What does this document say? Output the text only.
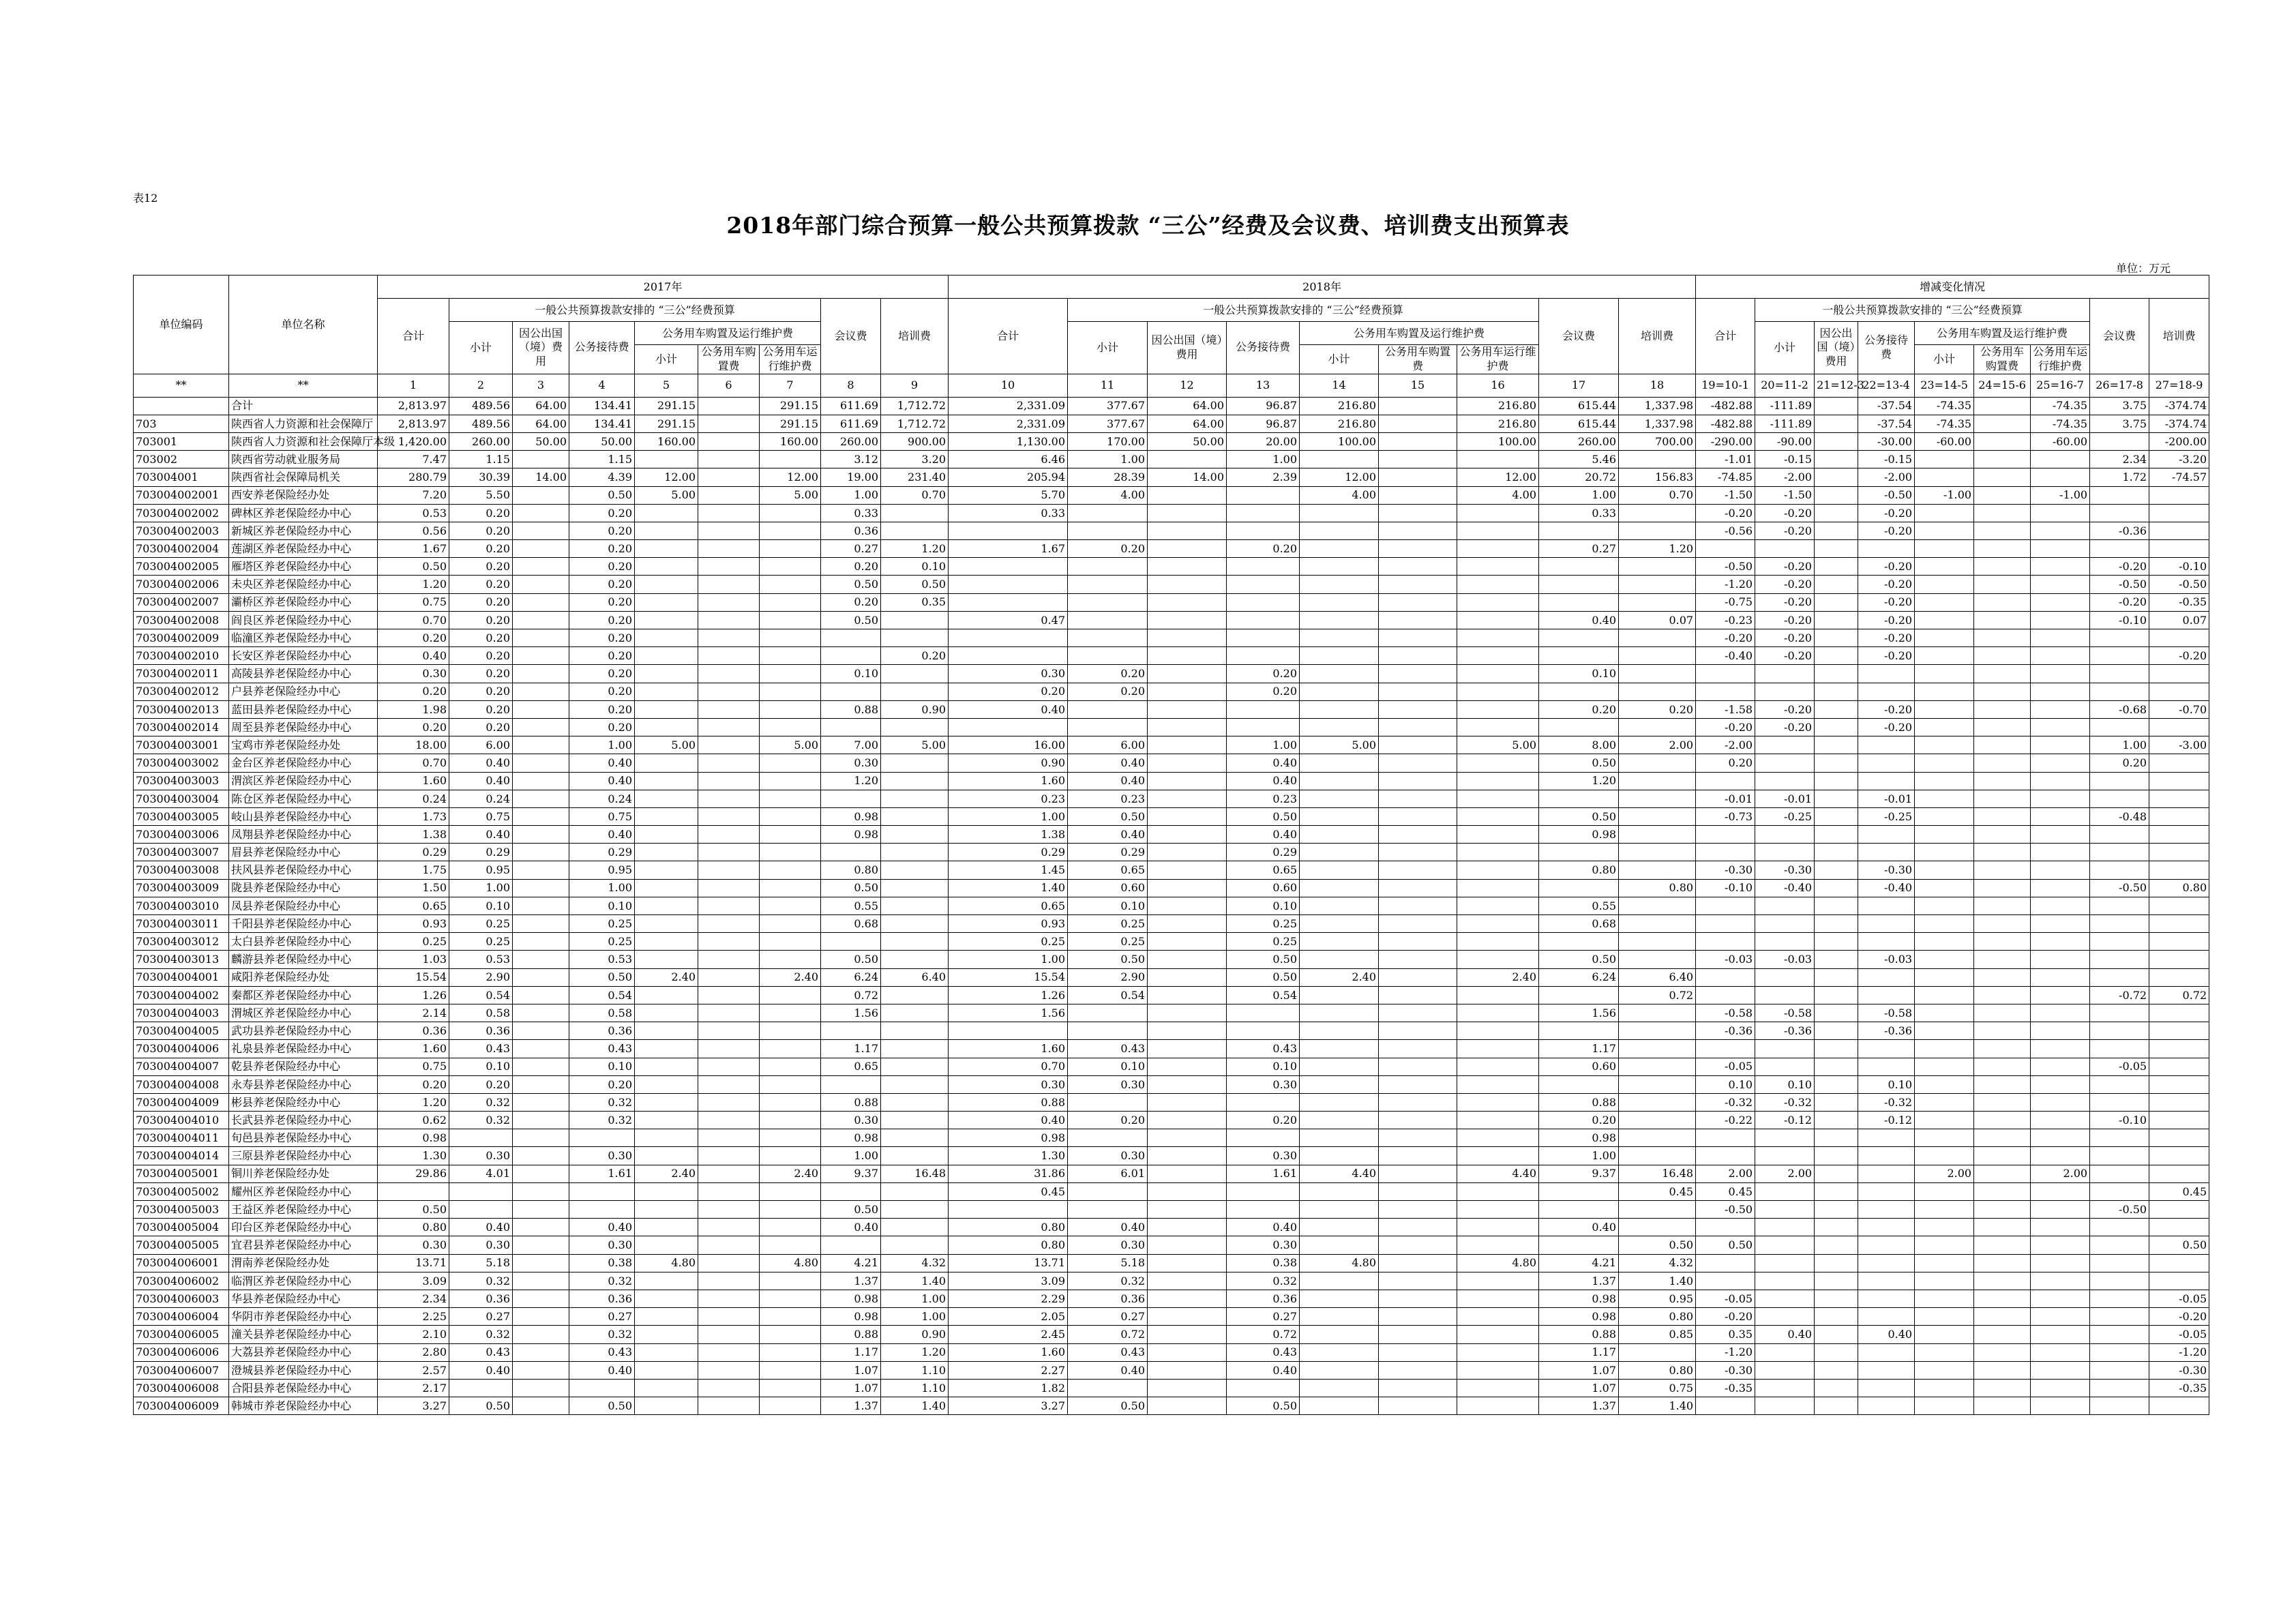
表12
2018年部门综合预算一般公共预算拨款 “三公”经费及会议费、培训费支出预算表
单位：万元
单位编码	单位名称	2017年									2018年									增减变化情况								
		合计	一般公共预算拨款安排的 “三公”经费预算						会议费	培训费	合计	一般公共预算拨款安排的 “三公”经费预算						会议费	培训费	合计	一般公共预算拨款安排的 “三公”经费预算						会议费	培训费
			小计	因公出国（境）费用	公务接待费	公务用车购置及运行维护费						小计	因公出国（境）费用	公务接待费	公务用车购置及运行维护费						小计	因公出国（境）费用	公务接待费	公务用车购置及运行维护费				
						小计	公务用车购置费	公务用车运行维护费							小计	公务用车购置费	公务用车运行维护费							小计	公务用车购置费	公务用车运行维护费		
**	**	1	2	3	4	5	6	7	8	9	10	11	12	13	14	15	16	17	18	19=10-1	20=11-2	21=12-3	22=13-4	23=14-5	24=15-6	25=16-7	26=17-8	27=18-9
	合计	2,813.97	489.56	64.00	134.41	291.15		291.15	611.69	1,712.72	2,331.09	377.67	64.00	96.87	216.80		216.80	615.44	1,337.98	-482.88	-111.89		-37.54	-74.35		-74.35	3.75	-374.74
703	陕西省人力资源和社会保障厅	2,813.97	489.56	64.00	134.41	291.15		291.15	611.69	1,712.72	2,331.09	377.67	64.00	96.87	216.80		216.80	615.44	1,337.98	-482.88	-111.89		-37.54	-74.35		-74.35	3.75	-374.74
703001	陕西省人力资源和社会保障厅本级	1,420.00	260.00	50.00	50.00	160.00		160.00	260.00	900.00	1,130.00	170.00	50.00	20.00	100.00		100.00	260.00	700.00	-290.00	-90.00		-30.00	-60.00		-60.00		-200.00
703002	陕西省劳动就业服务局	7.47	1.15		1.15				3.12	3.20	6.46	1.00		1.00				5.46		-1.01	-0.15		-0.15				2.34	-3.20
703004001	陕西省社会保障局机关	280.79	30.39	14.00	4.39	12.00		12.00	19.00	231.40	205.94	28.39	14.00	2.39	12.00		12.00	20.72	156.83	-74.85	-2.00		-2.00				1.72	-74.57
703004002001	西安养老保险经办处	7.20	5.50		0.50	5.00		5.00	1.00	0.70	5.70	4.00			4.00		4.00	1.00	0.70	-1.50	-1.50		-0.50	-1.00		-1.00		
703004002002	碑林区养老保险经办中心	0.53	0.20		0.20				0.33		0.33							0.33		-0.20	-0.20		-0.20					
703004002003	新城区养老保险经办中心	0.56	0.20		0.20				0.36											-0.56	-0.20		-0.20				-0.36	
703004002004	莲湖区养老保险经办中心	1.67	0.20		0.20				0.27	1.20	1.67	0.20		0.20				0.27	1.20									
703004002005	雁塔区养老保险经办中心	0.50	0.20		0.20				0.20	0.10										-0.50	-0.20		-0.20				-0.20	-0.10
703004002006	未央区养老保险经办中心	1.20	0.20		0.20				0.50	0.50										-1.20	-0.20		-0.20				-0.50	-0.50
703004002007	灞桥区养老保险经办中心	0.75	0.20		0.20				0.20	0.35										-0.75	-0.20		-0.20				-0.20	-0.35
703004002008	阎良区养老保险经办中心	0.70	0.20		0.20				0.50		0.47							0.40	0.07	-0.23	-0.20		-0.20				-0.10	0.07
703004002009	临潼区养老保险经办中心	0.20	0.20		0.20															-0.20	-0.20		-0.20					
703004002010	长安区养老保险经办中心	0.40	0.20		0.20					0.20										-0.40	-0.20		-0.20					-0.20
703004002011	高陵县养老保险经办中心	0.30	0.20		0.20				0.10		0.30	0.20		0.20				0.10										
703004002012	户县养老保险经办中心	0.20	0.20		0.20						0.20	0.20		0.20														
703004002013	蓝田县养老保险经办中心	1.98	0.20		0.20				0.88	0.90	0.40							0.20	0.20	-1.58	-0.20		-0.20				-0.68	-0.70
703004002014	周至县养老保险经办中心	0.20	0.20		0.20															-0.20	-0.20		-0.20					
703004003001	宝鸡市养老保险经办处	18.00	6.00		1.00	5.00		5.00	7.00	5.00	16.00	6.00		1.00	5.00		5.00	8.00	2.00	-2.00							1.00	-3.00
703004003002	金台区养老保险经办中心	0.70	0.40		0.40				0.30		0.90	0.40		0.40				0.50		0.20							0.20	
703004003003	渭滨区养老保险经办中心	1.60	0.40		0.40				1.20		1.60	0.40		0.40				1.20										
703004003004	陈仓区养老保险经办中心	0.24	0.24		0.24						0.23	0.23		0.23						-0.01	-0.01		-0.01					
703004003005	岐山县养老保险经办中心	1.73	0.75		0.75				0.98		1.00	0.50		0.50				0.50		-0.73	-0.25		-0.25				-0.48	
703004003006	凤翔县养老保险经办中心	1.38	0.40		0.40				0.98		1.38	0.40		0.40				0.98										
703004003007	眉县养老保险经办中心	0.29	0.29		0.29						0.29	0.29		0.29														
703004003008	扶风县养老保险经办中心	1.75	0.95		0.95				0.80		1.45	0.65		0.65				0.80		-0.30	-0.30		-0.30					
703004003009	陇县养老保险经办中心	1.50	1.00		1.00				0.50		1.40	0.60		0.60					0.80	-0.10	-0.40		-0.40				-0.50	0.80
703004003010	凤县养老保险经办中心	0.65	0.10		0.10				0.55		0.65	0.10		0.10				0.55										
703004003011	千阳县养老保险经办中心	0.93	0.25		0.25				0.68		0.93	0.25		0.25				0.68										
703004003012	太白县养老保险经办中心	0.25	0.25		0.25						0.25	0.25		0.25														
703004003013	麟游县养老保险经办中心	1.03	0.53		0.53				0.50		1.00	0.50		0.50				0.50		-0.03	-0.03		-0.03					
703004004001	咸阳养老保险经办处	15.54	2.90		0.50	2.40		2.40	6.24	6.40	15.54	2.90		0.50	2.40		2.40	6.24	6.40									
703004004002	秦都区养老保险经办中心	1.26	0.54		0.54				0.72		1.26	0.54		0.54					0.72								-0.72	0.72
703004004003	渭城区养老保险经办中心	2.14	0.58		0.58				1.56		1.56							1.56		-0.58	-0.58		-0.58					
703004004005	武功县养老保险经办中心	0.36	0.36		0.36															-0.36	-0.36		-0.36					
703004004006	礼泉县养老保险经办中心	1.60	0.43		0.43				1.17		1.60	0.43		0.43				1.17										
703004004007	乾县养老保险经办中心	0.75	0.10		0.10				0.65		0.70	0.10		0.10				0.60		-0.05							-0.05	
703004004008	永寿县养老保险经办中心	0.20	0.20		0.20						0.30	0.30		0.30						0.10	0.10		0.10					
703004004009	彬县养老保险经办中心	1.20	0.32		0.32				0.88		0.88							0.88		-0.32	-0.32		-0.32					
703004004010	长武县养老保险经办中心	0.62	0.32		0.32				0.30		0.40	0.20		0.20				0.20		-0.22	-0.12		-0.12				-0.10	
703004004011	旬邑县养老保险经办中心	0.98							0.98		0.98							0.98										
703004004014	三原县养老保险经办中心	1.30	0.30		0.30				1.00		1.30	0.30		0.30				1.00										
703004005001	铜川养老保险经办处	29.86	4.01		1.61	2.40		2.40	9.37	16.48	31.86	6.01		1.61	4.40		4.40	9.37	16.48	2.00	2.00			2.00		2.00		
703004005002	耀州区养老保险经办中心										0.45								0.45	0.45								0.45
703004005003	王益区养老保险经办中心	0.50							0.50											-0.50							-0.50	
703004005004	印台区养老保险经办中心	0.80	0.40		0.40				0.40		0.80	0.40		0.40				0.40										
703004005005	宜君县养老保险经办中心	0.30	0.30		0.30						0.80	0.30		0.30					0.50	0.50								0.50
703004006001	渭南养老保险经办处	13.71	5.18		0.38	4.80		4.80	4.21	4.32	13.71	5.18		0.38	4.80		4.80	4.21	4.32									
703004006002	临渭区养老保险经办中心	3.09	0.32		0.32				1.37	1.40	3.09	0.32		0.32				1.37	1.40									
703004006003	华县养老保险经办中心	2.34	0.36		0.36				0.98	1.00	2.29	0.36		0.36				0.98	0.95	-0.05								-0.05
703004006004	华阴市养老保险经办中心	2.25	0.27		0.27				0.98	1.00	2.05	0.27		0.27				0.98	0.80	-0.20								-0.20
703004006005	潼关县养老保险经办中心	2.10	0.32		0.32				0.88	0.90	2.45	0.72		0.72				0.88	0.85	0.35	0.40		0.40					-0.05
703004006006	大荔县养老保险经办中心	2.80	0.43		0.43				1.17	1.20	1.60	0.43		0.43				1.17		-1.20								-1.20
703004006007	澄城县养老保险经办中心	2.57	0.40		0.40				1.07	1.10	2.27	0.40		0.40				1.07	0.80	-0.30								-0.30
703004006008	合阳县养老保险经办中心	2.17							1.07	1.10	1.82							1.07	0.75	-0.35								-0.35
703004006009	韩城市养老保险经办中心	3.27	0.50		0.50				1.37	1.40	3.27	0.50		0.50				1.37	1.40									
